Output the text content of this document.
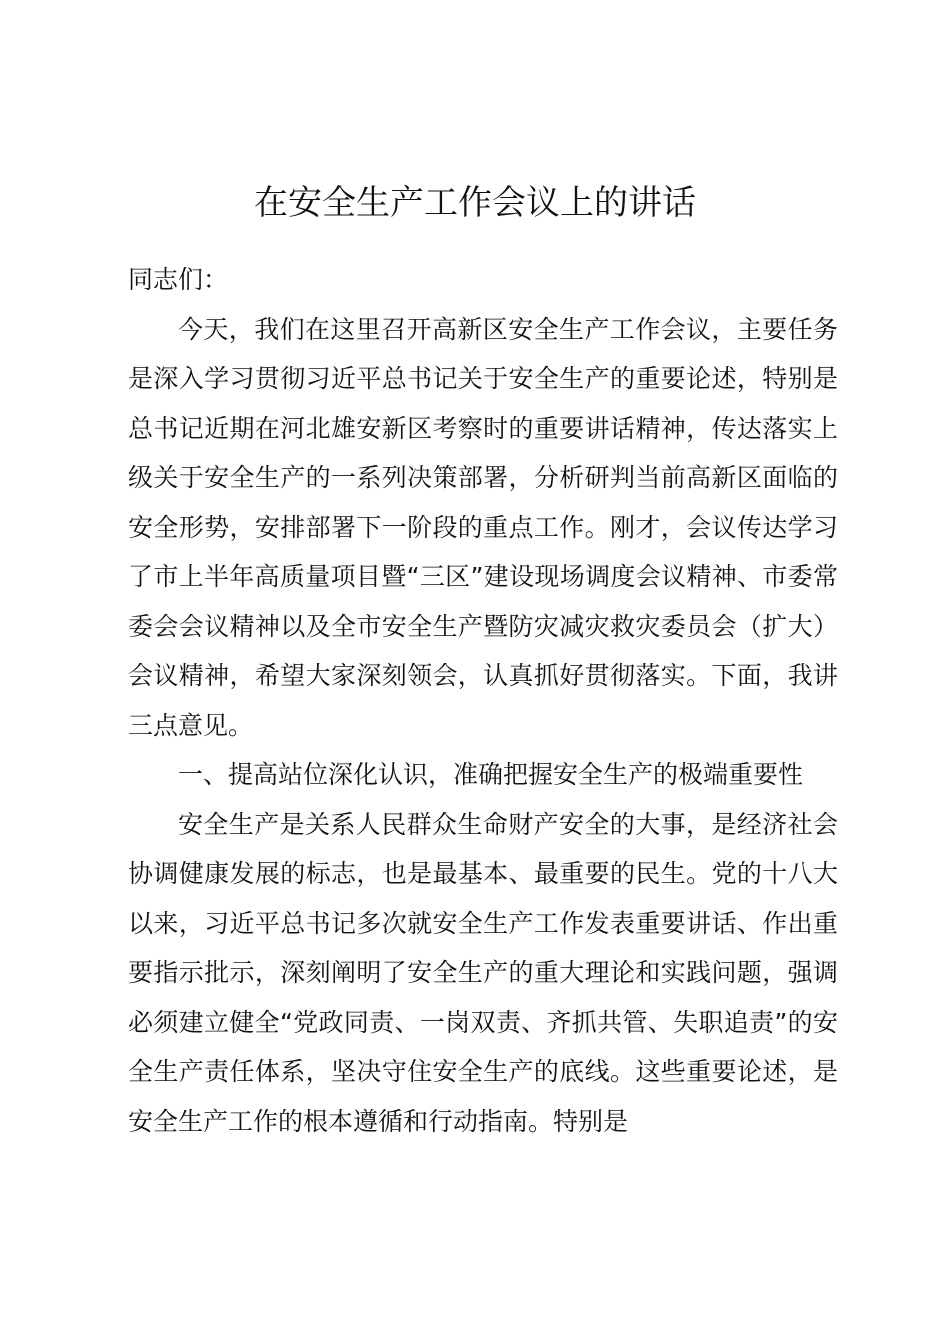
在安全生产工作会议上的讲话

同志们：

今天，我们在这里召开高新区安全生产工作会议，主要任务是深入学习贯彻习近平总书记关于安全生产的重要论述，特别是总书记近期在河北雄安新区考察时的重要讲话精神，传达落实上级关于安全生产的一系列决策部署，分析研判当前高新区面临的安全形势，安排部署下一阶段的重点工作。刚才，会议传达学习了市上半年高质量项目暨“三区”建设现场调度会议精神、市委常委会会议精神以及全市安全生产暨防灾减灾救灾委员会（扩大）会议精神，希望大家深刻领会，认真抓好贯彻落实。下面，我讲三点意见。

一、提高站位深化认识，准确把握安全生产的极端重要性

安全生产是关系人民群众生命财产安全的大事，是经济社会协调健康发展的标志，也是最基本、最重要的民生。党的十八大以来，习近平总书记多次就安全生产工作发表重要讲话、作出重要指示批示，深刻阐明了安全生产的重大理论和实践问题，强调必须建立健全“党政同责、一岗双责、齐抓共管、失职追责”的安全生产责任体系，坚决守住安全生产的底线。这些重要论述，是安全生产工作的根本遵循和行动指南。特别是
